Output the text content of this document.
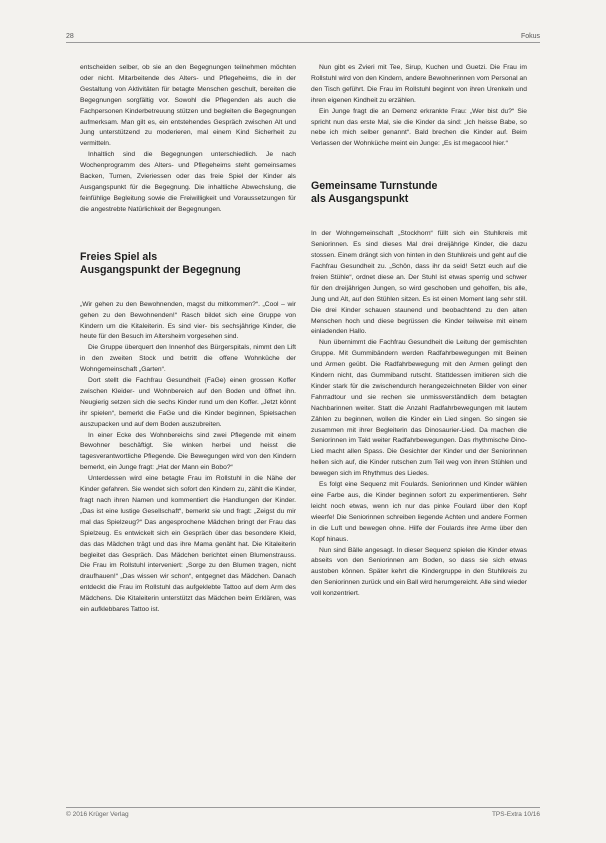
28	Fokus

entscheiden selber, ob sie an den Begegnungen teilnehmen möchten oder nicht. Mitarbeitende des Alters- und Pflegeheims, die in der Gestaltung von Aktivitäten für betagte Menschen geschult, bereiten die Begegnungen sorgfältig vor. Sowohl die Pflegenden als auch die Fachpersonen Kinderbetreuung stützen und begleiten die Begegnungen aufmerksam. Man gilt es, ein entstehendes Gespräch zwischen Alt und Jung unterstützend zu moderieren, mal einem Kind Sicherheit zu vermitteln.

Inhaltlich sind die Begegnungen unterschiedlich. Je nach Wochenprogramm des Alters- und Pflegeheims steht gemeinsames Backen, Turnen, Zvieriessen oder das freie Spiel der Kinder als Ausgangspunkt für die Begegnung. Die inhaltliche Abwechslung, die feinfühlige Begleitung sowie die Freiwilligkeit und Voraussetzungen für die angestrebte Natürlichkeit der Begegnungen.

Freies Spiel als
Ausgangspunkt der Begegnung

„Wir gehen zu den Bewohnenden, magst du mitkommen?“. „Cool – wir gehen zu den Bewohnenden!“ Rasch bildet sich eine Gruppe von Kindern um die Kitaleiterin. Es sind vier- bis sechsjährige Kinder, die heute für den Besuch im Altersheim vorgesehen sind.

Die Gruppe überquert den Innenhof des Bürgerspitals, nimmt den Lift in den zweiten Stock und betritt die offene Wohnküche der Wohngemeinschaft „Garten“.

Dort stellt die Fachfrau Gesundheit (FaGe) einen grossen Koffer zwischen Kleider- und Wohnbereich auf den Boden und öffnet ihn. Neugierig setzen sich die sechs Kinder rund um den Koffer. „Jetzt könnt ihr spielen“, bemerkt die FaGe und die Kinder beginnen, Spielsachen auszupacken und auf dem Boden auszubreiten.

In einer Ecke des Wohnbereichs sind zwei Pflegende mit einem Bewohner beschäftigt. Sie winken herbei und heisst die tagesverantwortliche Pflegende. Die Bewegungen wird von den Kindern bemerkt, ein Junge fragt: „Hat der Mann ein Bobo?“

Unterdessen wird eine betagte Frau im Rollstuhl in die Nähe der Kinder gefahren. Sie wendet sich sofort den Kindern zu, zählt die Kinder, fragt nach ihren Namen und kommentiert die Handlungen der Kinder. „Das ist eine lustige Gesellschaft“, bemerkt sie und fragt: „Zeigst du mir mal das Spielzeug?“ Das angesprochene Mädchen bringt der Frau das Spielzeug. Es entwickelt sich ein Gespräch über das besondere Kleid, das das Mädchen trägt und das ihre Mama genäht hat. Die Kitaleiterin begleitet das Gespräch. Das Mädchen berichtet einen Blumenstrauss. Die Frau im Rollstuhl interveniert: „Sorge zu den Blumen tragen, nicht draufhauen!“ „Das wissen wir schon“, entgegnet das Mädchen. Danach entdeckt die Frau im Rollstuhl das aufgeklebte Tattoo auf dem Arm des Mädchens. Die Kitaleiterin unterstützt das Mädchen beim Erklären, was ein aufklebbares Tattoo ist.

Nun gibt es Zvieri mit Tee, Sirup, Kuchen und Guetzi. Die Frau im Rollstuhl wird von den Kindern, andere Bewohnerinnen vom Personal an den Tisch geführt. Die Frau im Rollstuhl beginnt von ihren Urenkeln und ihren eigenen Kindheit zu erzählen.

Ein Junge fragt die an Demenz erkrankte Frau: „Wer bist du?“ Sie spricht nun das erste Mal, sie die Kinder da sind: „Ich heisse Babe, so nebe ich mich selber genannt“. Bald brechen die Kinder auf. Beim Verlassen der Wohnküche meint ein Junge: „Es ist megacool hier.“

Gemeinsame Turnstunde
als Ausgangspunkt

In der Wohngemeinschaft „Stockhorn“ füllt sich ein Stuhlkreis mit Seniorinnen. Es sind dieses Mal drei dreijährige Kinder, die dazu stossen. Einem drängt sich von hinten in den Stuhlkreis und geht auf die Fachfrau Gesundheit zu. „Schön, dass ihr da seid! Setzt euch auf die freien Stühle“, ordnet diese an. Der Stuhl ist etwas sperrig und schwer für den dreijährigen Jungen, so wird geschoben und geholfen, bis alle, Jung und Alt, auf den Stühlen sitzen. Es ist einen Moment lang sehr still. Die drei Kinder schauen staunend und beobachtend zu den alten Menschen hoch und diese begrüssen die Kinder teilweise mit einem einladenden Hallo.

Nun übernimmt die Fachfrau Gesundheit die Leitung der gemischten Gruppe. Mit Gummibändern werden Radfahrbewegungen mit Beinen und Armen geübt. Die Radfahrbewegung mit den Armen gelingt den Kindern nicht, das Gummiband rutscht. Stattdessen imitieren sich die Kinder stark für die zwischendurch herangezeichneten Bilder von einer Fahrradtour und sie rechen sie unmissverständlich dem betagten Nachbarinnen weiter. Statt die Anzahl Radfahrbewegungen mit lautem Zählen zu beginnen, wollen die Kinder ein Lied singen. So singen sie zusammen mit ihrer Begleiterin das Dinosaurier-Lied. Da machen die Seniorinnen im Takt weiter Radfahrbewegungen. Das rhythmische Dino-Lied macht allen Spass. Die Gesichter der Kinder und der Seniorinnen hellen sich auf, die Kinder rutschen zum Teil weg von ihren Stühlen und bewegen sich im Rhythmus des Liedes.

Es folgt eine Sequenz mit Foulards. Seniorinnen und Kinder wählen eine Farbe aus, die Kinder beginnen sofort zu experimentieren. Sehr leicht noch etwas, wenn ich nur das pinke Foulard über den Kopf wieerfe! Die Seniorinnen schreiben liegende Achten und andere Formen in die Luft und bewegen ohne. Hilfe der Foulards ihre Arme über den Kopf hinaus.

Nun sind Bälle angesagt. In dieser Sequenz spielen die Kinder etwas abseits von den Seniorinnen am Boden, so dass sie sich etwas austoben können. Später kehrt die Kindergruppe in den Stuhlkreis zu den Seniorinnen zurück und ein Ball wird herumgereicht. Alle sind wieder voll konzentriert.

© 2016 Krüger Verlag	TPS-Extra 10/16
